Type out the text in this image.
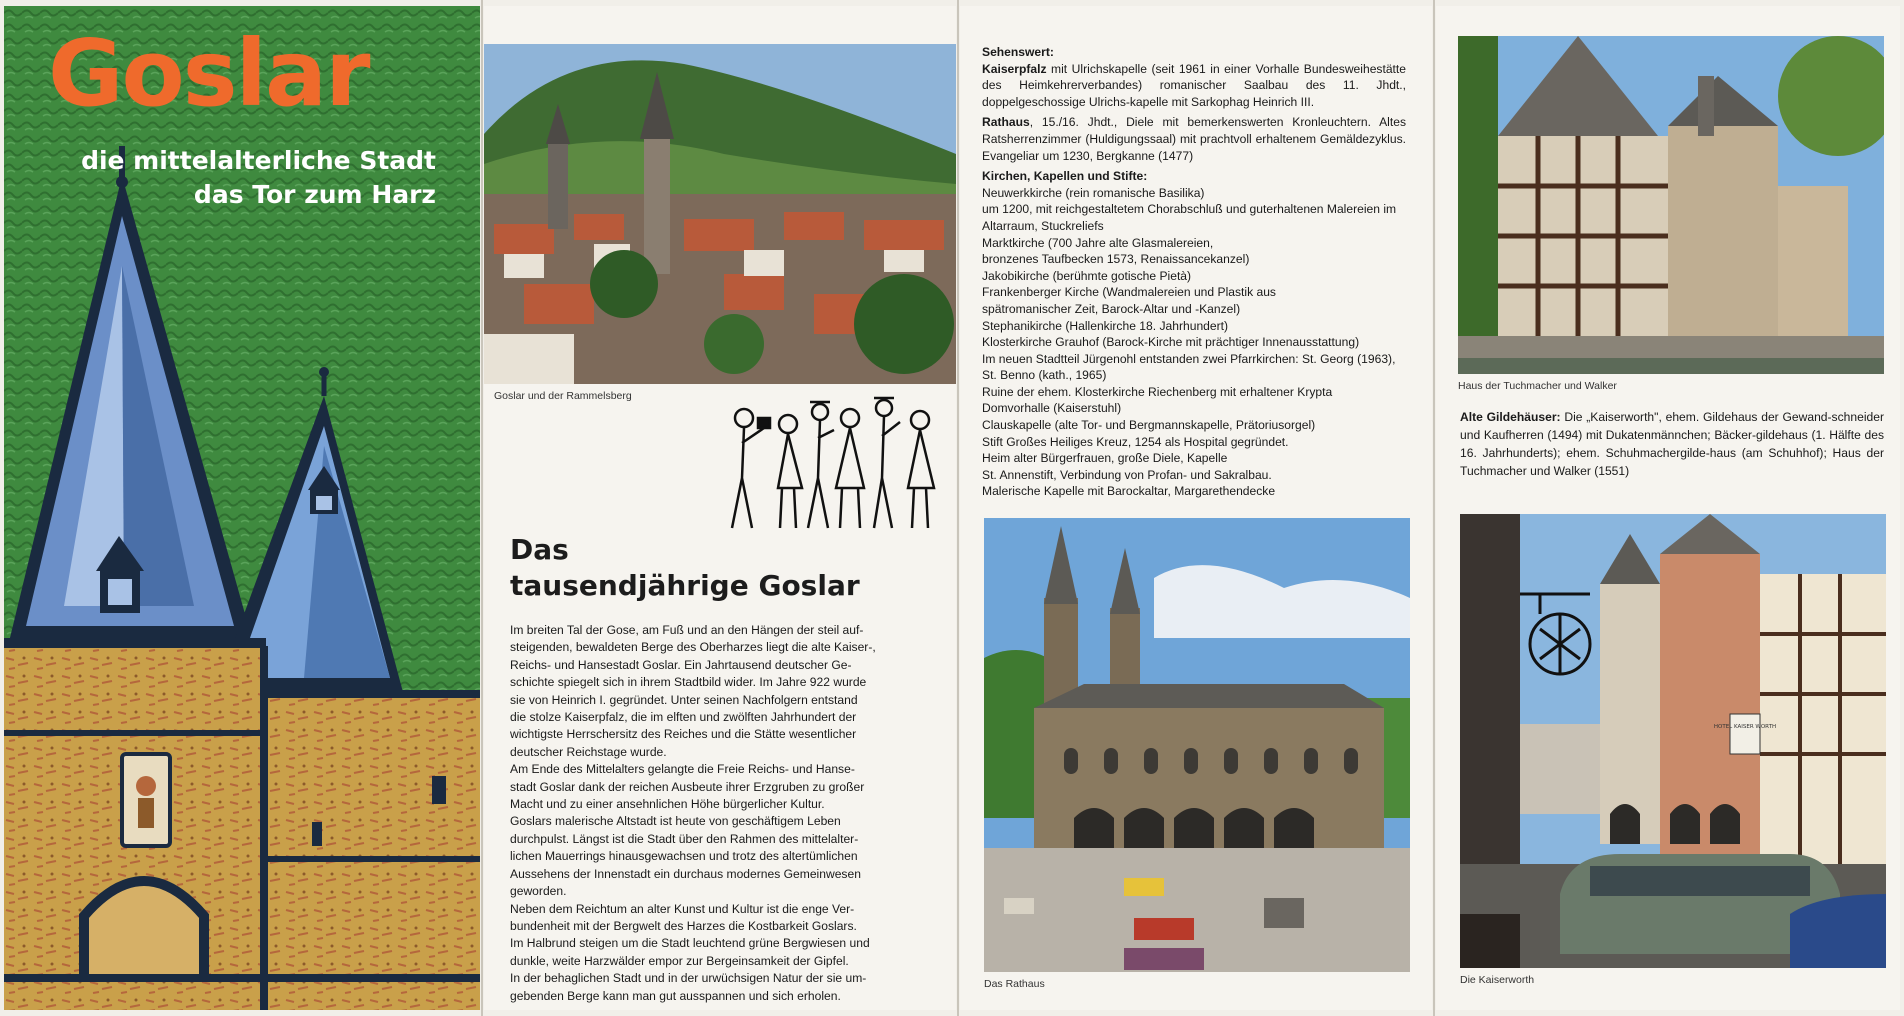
Goslar
die mittelalterliche Stadt
das Tor zum Harz
Goslar und der Rammelsberg
Das
tausendjährige Goslar

Im breiten Tal der Gose, am Fuß und an den Hängen der steil auf-
steigenden, bewaldeten Berge des Oberharzes liegt die alte Kaiser-,
Reichs- und Hansestadt Goslar. Ein Jahrtausend deutscher Ge-
schichte spiegelt sich in ihrem Stadtbild wider. Im Jahre 922 wurde
sie von Heinrich I. gegründet. Unter seinen Nachfolgern entstand
die stolze Kaiserpfalz, die im elften und zwölften Jahrhundert der
wichtigste Herrschersitz des Reiches und die Stätte wesentlicher
deutscher Reichstage wurde.

Am Ende des Mittelalters gelangte die Freie Reichs- und Hanse-
stadt Goslar dank der reichen Ausbeute ihrer Erzgruben zu großer
Macht und zu einer ansehnlichen Höhe bürgerlicher Kultur.

Goslars malerische Altstadt ist heute von geschäftigem Leben
durchpulst. Längst ist die Stadt über den Rahmen des mittelalter-
lichen Mauerrings hinausgewachsen und trotz des altertümlichen
Aussehens der Innenstadt ein durchaus modernes Gemeinwesen
geworden.

Neben dem Reichtum an alter Kunst und Kultur ist die enge Ver-
bundenheit mit der Bergwelt des Harzes die Kostbarkeit Goslars.
Im Halbrund steigen um die Stadt leuchtend grüne Bergwiesen und
dunkle, weite Harzwälder empor zur Bergeinsamkeit der Gipfel.
In der behaglichen Stadt und in der urwüchsigen Natur der sie um-
gebenden Berge kann man gut ausspannen und sich erholen.

Sehenswert:

Kaiserpfalz mit Ulrichskapelle (seit 1961 in einer Vorhalle Bundesweihestätte des Heimkehrerverbandes) romanischer Saalbau des 11. Jhdt., doppelgeschossige Ulrichs-kapelle mit Sarkophag Heinrich III.

Rathaus, 15./16. Jhdt., Diele mit bemerkenswerten Kronleuchtern. Altes Ratsherrenzimmer (Huldigungssaal) mit prachtvoll erhaltenem Gemäldezyklus. Evangeliar um 1230, Bergkanne (1477)

Kirchen, Kapellen und Stifte:
Neuwerkkirche (rein romanische Basilika)
um 1200, mit reichgestaltetem Chorabschluß und guterhaltenen Malereien im Altarraum, Stuckreliefs
Marktkirche (700 Jahre alte Glasmalereien,
bronzenes Taufbecken 1573, Renaissancekanzel)
Jakobikirche (berühmte gotische Pietà)
Frankenberger Kirche (Wandmalereien und Plastik aus
spätromanischer Zeit, Barock-Altar und -Kanzel)
Stephanikirche (Hallenkirche 18. Jahrhundert)
Klosterkirche Grauhof (Barock-Kirche mit prächtiger Innenausstattung)
Im neuen Stadtteil Jürgenohl entstanden zwei Pfarrkirchen: St. Georg (1963), St. Benno (kath., 1965)
Ruine der ehem. Klosterkirche Riechenberg mit erhaltener Krypta
Domvorhalle (Kaiserstuhl)
Clauskapelle (alte Tor- und Bergmannskapelle, Prätoriusorgel)
Stift Großes Heiliges Kreuz, 1254 als Hospital gegründet.
Heim alter Bürgerfrauen, große Diele, Kapelle
St. Annenstift, Verbindung von Profan- und Sakralbau.
Malerische Kapelle mit Barockaltar, Margarethendecke
Das Rathaus
Haus der Tuchmacher und Walker

Alte Gildehäuser: Die „Kaiserworth", ehem. Gildehaus der Gewand-schneider und Kaufherren (1494) mit Dukatenmännchen; Bäcker-gildehaus (1. Hälfte des 16. Jahrhunderts); ehem. Schuhmachergilde-haus (am Schuhhof); Haus der Tuchmacher und Walker (1551)

HOTEL KAISER WORTH
Die Kaiserworth
